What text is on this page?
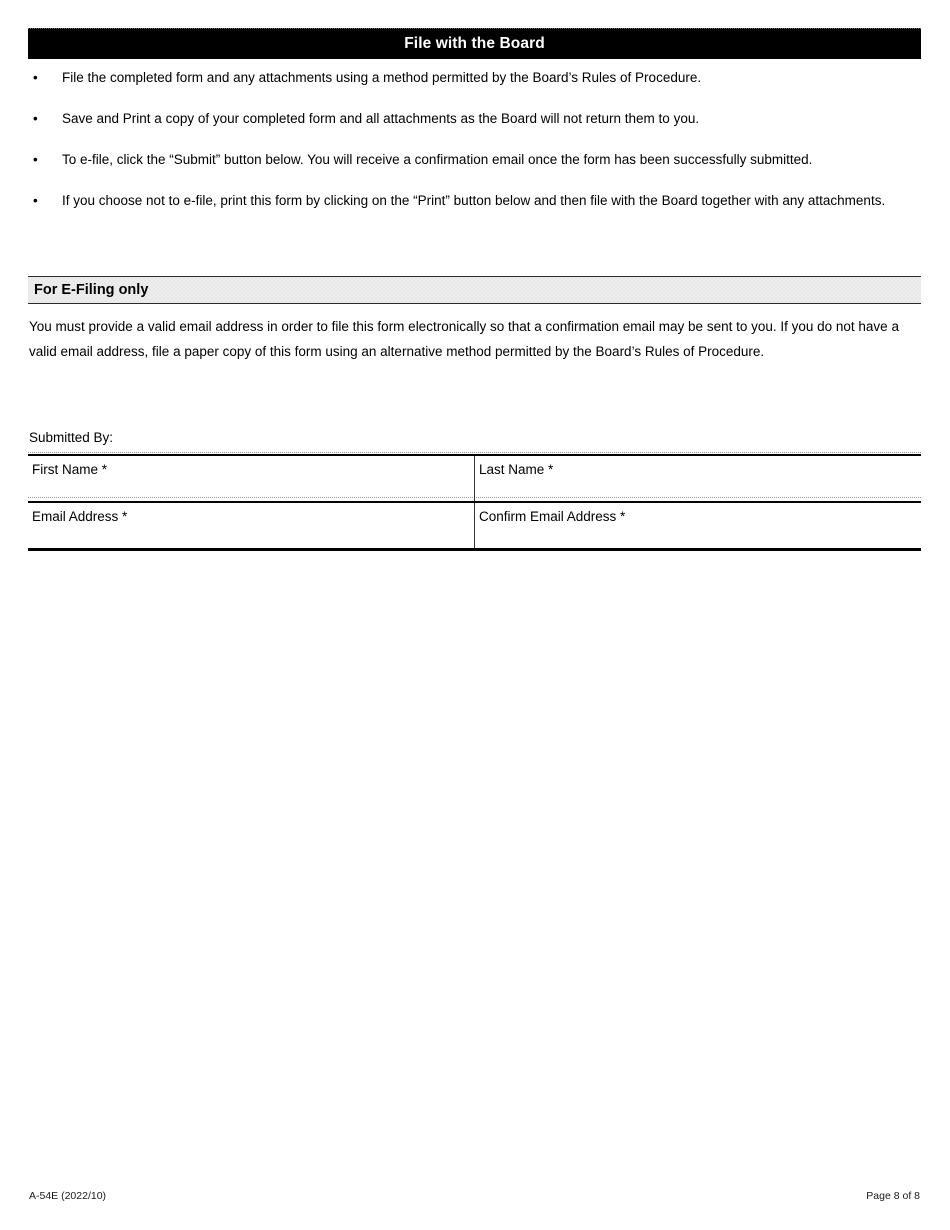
File with the Board
• File the completed form and any attachments using a method permitted by the Board’s Rules of Procedure.
• Save and Print a copy of your completed form and all attachments as the Board will not return them to you.
• To e-file, click the “Submit” button below. You will receive a confirmation email once the form has been successfully submitted.
• If you choose not to e-file, print this form by clicking on the “Print” button below and then file with the Board together with any attachments.
For E-Filing only
You must provide a valid email address in order to file this form electronically so that a confirmation email may be sent to you. If you do not have a valid email address, file a paper copy of this form using an alternative method permitted by the Board’s Rules of Procedure.
Submitted By:
First Name *	Last Name *

Email Address *	Confirm Email Address *
A-54E (2022/10)	Page 8 of 8
